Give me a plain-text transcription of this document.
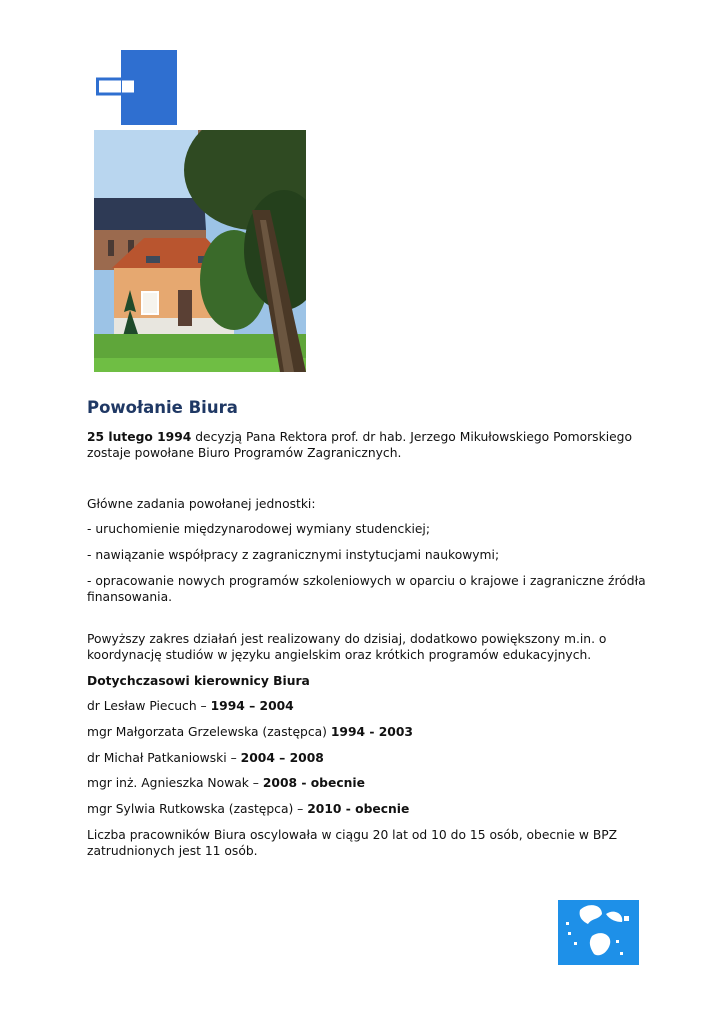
Powołanie Biura

25 lutego 1994 decyzją Pana Rektora prof. dr hab. Jerzego Mikułowskiego Pomorskiego zostaje powołane Biuro Programów Zagranicznych.

Główne zadania powołanej jednostki:

- uruchomienie międzynarodowej wymiany studenckiej;

- nawiązanie współpracy z zagranicznymi instytucjami naukowymi;

- opracowanie nowych programów szkoleniowych w oparciu o krajowe i zagraniczne źródła finansowania.

Powyższy zakres działań jest realizowany do dzisiaj, dodatkowo powiększony m.in. o koordynację studiów w języku angielskim oraz krótkich programów edukacyjnych.

Dotychczasowi kierownicy Biura

dr Lesław Piecuch – 1994 – 2004

mgr Małgorzata Grzelewska (zastępca) 1994 - 2003

dr Michał Patkaniowski – 2004 – 2008

mgr inż. Agnieszka Nowak – 2008 - obecnie

mgr Sylwia Rutkowska (zastępca) – 2010 - obecnie

Liczba pracowników Biura oscylowała w ciągu 20 lat od 10 do 15 osób, obecnie w BPZ zatrudnionych jest 11 osób.
